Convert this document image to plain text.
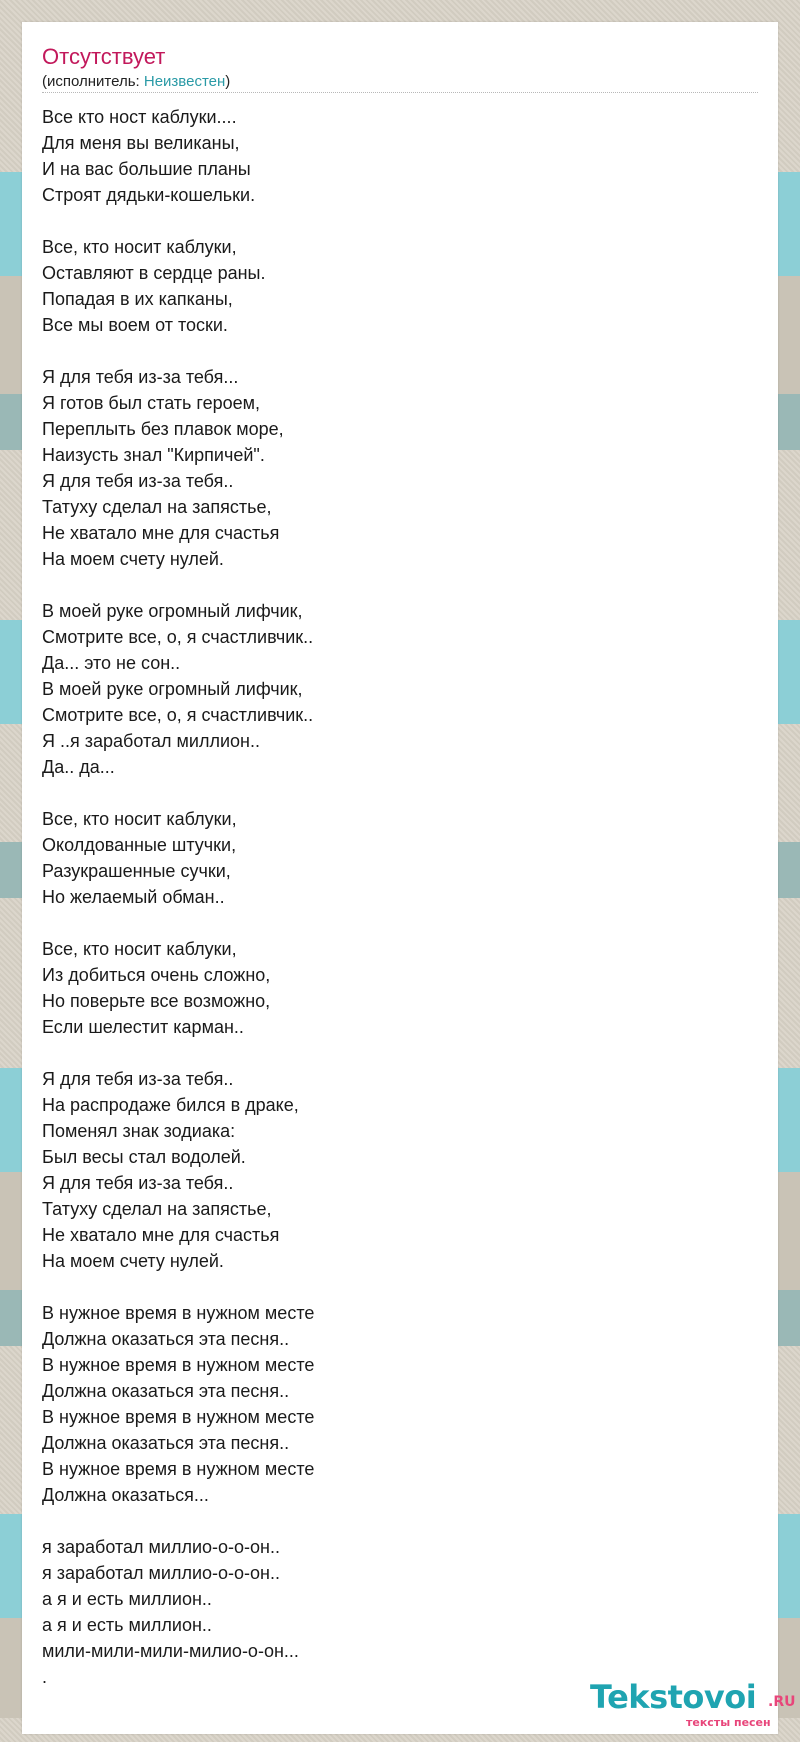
Отсутствует
(исполнитель: Неизвестен)
Все кто ност каблуки....
Для меня вы великаны,
И на вас большие планы
Строят дядьки-кошельки.

Все, кто носит каблуки,
Оставляют в сердце раны.
Попадая в их капканы,
Все мы воем от тоски.

Я для тебя из-за тебя...
Я готов был стать героем,
Переплыть без плавок море,
Наизусть знал "Кирпичей".
Я для тебя из-за тебя..
Татуху сделал на запястье,
Не хватало мне для счастья
На моем счету нулей.

В моей руке огромный лифчик,
Смотрите все, о, я счастливчик..
Да... это не сон..
В моей руке огромный лифчик,
Смотрите все, о, я счастливчик..
Я ..я заработал миллион..
Да.. да...

Все, кто носит каблуки,
Околдованные штучки,
Разукрашенные сучки,
Но желаемый обман..

Все, кто носит каблуки,
Из добиться очень сложно,
Но поверьте все возможно,
Если шелестит карман..

Я для тебя из-за тебя..
На распродаже бился в драке,
Поменял знак зодиака:
Был весы стал водолей.
Я для тебя из-за тебя..
Татуху сделал на запястье,
Не хватало мне для счастья
На моем счету нулей.

В нужное время в нужном месте
Должна оказаться эта песня..
В нужное время в нужном месте
Должна оказаться эта песня..
В нужное время в нужном месте
Должна оказаться эта песня..
В нужное время в нужном месте
Должна оказаться...

я заработал миллио-о-о-он..
я заработал миллио-о-о-он..
а я и есть миллион..
а я и есть миллион..
мили-мили-мили-милио-о-он...
.
Tekstovoi .RU
тексты песен
